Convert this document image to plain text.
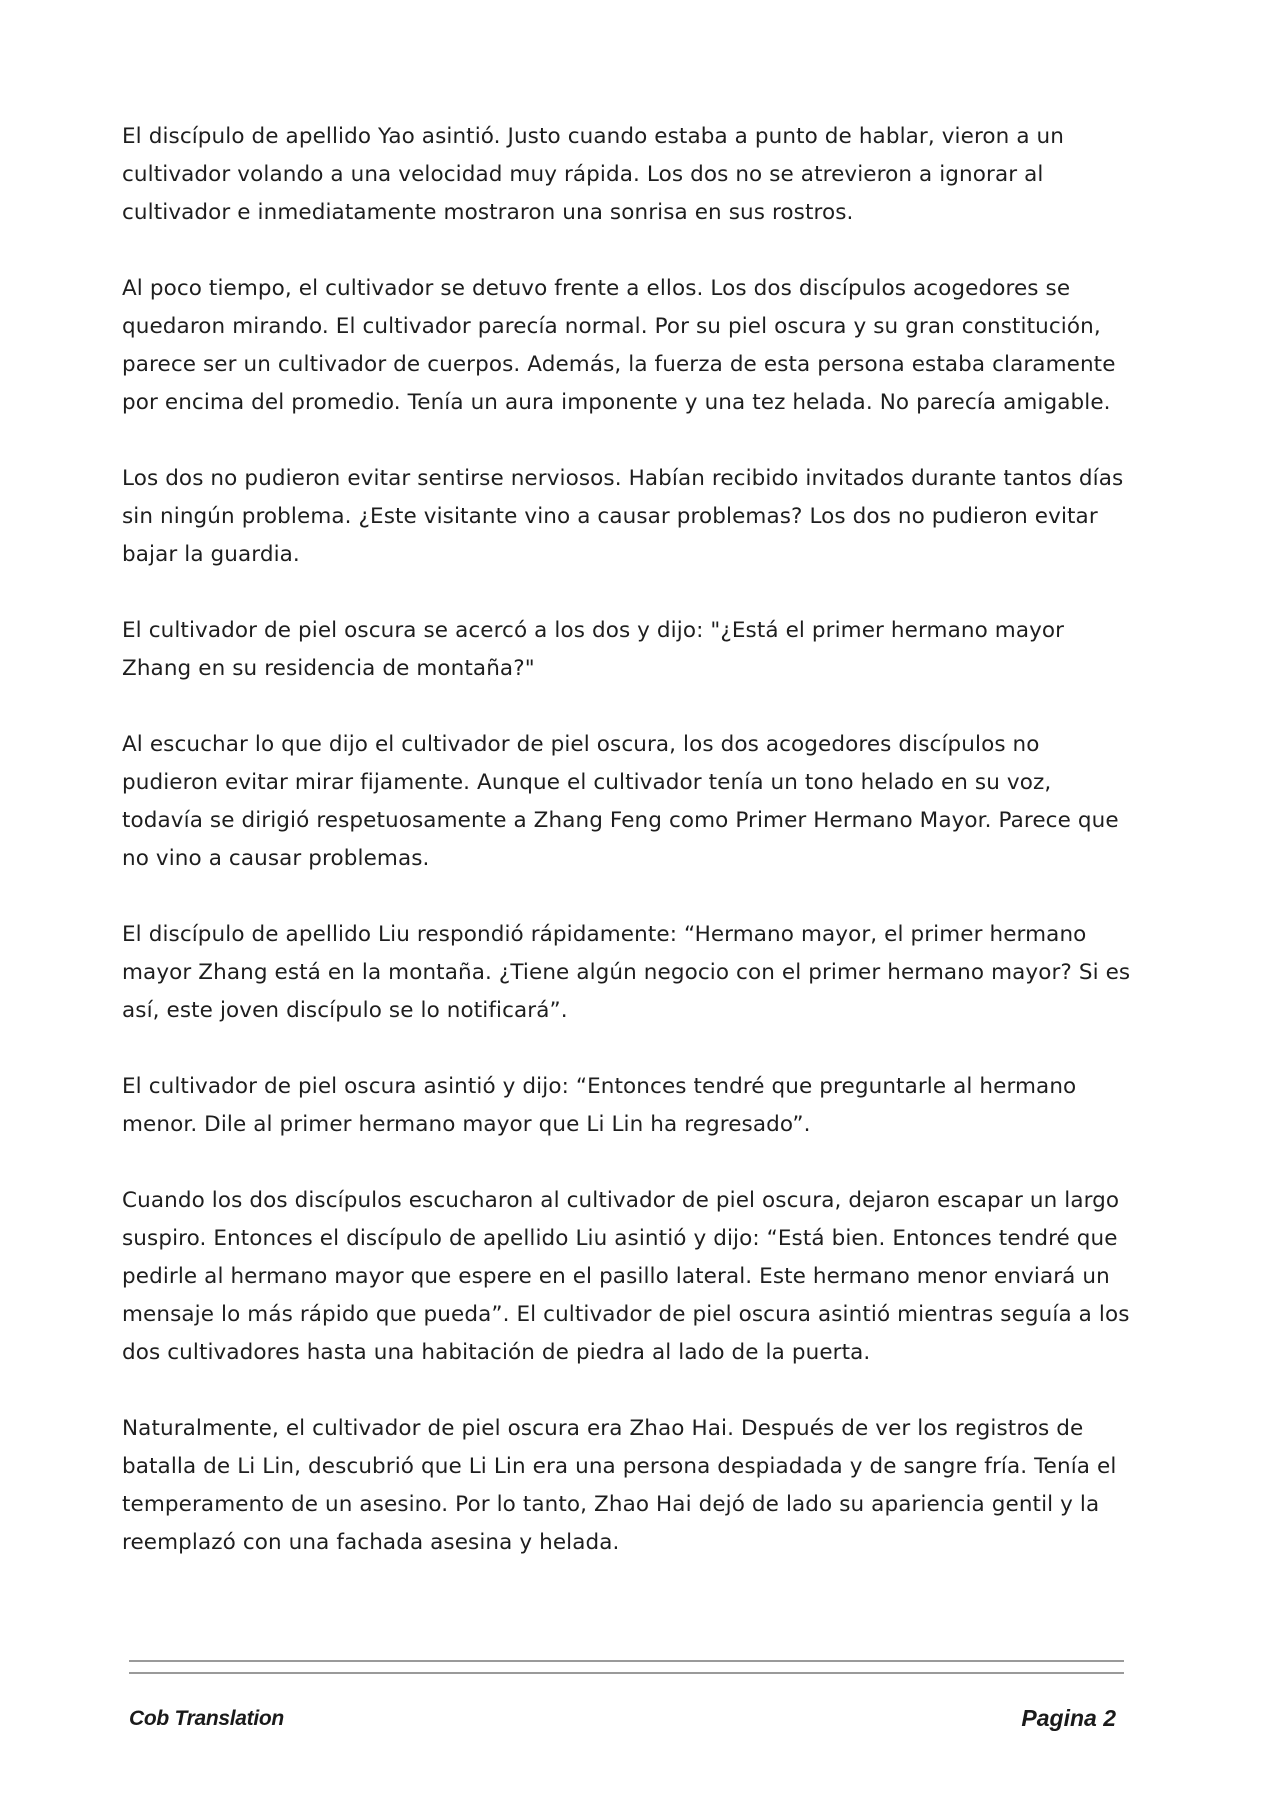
El discípulo de apellido Yao asintió. Justo cuando estaba a punto de hablar, vieron a un cultivador volando a una velocidad muy rápida. Los dos no se atrevieron a ignorar al cultivador e inmediatamente mostraron una sonrisa en sus rostros.

Al poco tiempo, el cultivador se detuvo frente a ellos. Los dos discípulos acogedores se quedaron mirando. El cultivador parecía normal. Por su piel oscura y su gran constitución, parece ser un cultivador de cuerpos. Además, la fuerza de esta persona estaba claramente por encima del promedio. Tenía un aura imponente y una tez helada. No parecía amigable.

Los dos no pudieron evitar sentirse nerviosos. Habían recibido invitados durante tantos días sin ningún problema. ¿Este visitante vino a causar problemas? Los dos no pudieron evitar bajar la guardia.

El cultivador de piel oscura se acercó a los dos y dijo: "¿Está el primer hermano mayor Zhang en su residencia de montaña?"

Al escuchar lo que dijo el cultivador de piel oscura, los dos acogedores discípulos no pudieron evitar mirar fijamente. Aunque el cultivador tenía un tono helado en su voz, todavía se dirigió respetuosamente a Zhang Feng como Primer Hermano Mayor. Parece que no vino a causar problemas.

El discípulo de apellido Liu respondió rápidamente: “Hermano mayor, el primer hermano mayor Zhang está en la montaña. ¿Tiene algún negocio con el primer hermano mayor? Si es así, este joven discípulo se lo notificará”.

El cultivador de piel oscura asintió y dijo: “Entonces tendré que preguntarle al hermano menor. Dile al primer hermano mayor que Li Lin ha regresado”.

Cuando los dos discípulos escucharon al cultivador de piel oscura, dejaron escapar un largo suspiro. Entonces el discípulo de apellido Liu asintió y dijo: “Está bien. Entonces tendré que pedirle al hermano mayor que espere en el pasillo lateral. Este hermano menor enviará un mensaje lo más rápido que pueda”. El cultivador de piel oscura asintió mientras seguía a los dos cultivadores hasta una habitación de piedra al lado de la puerta.

Naturalmente, el cultivador de piel oscura era Zhao Hai. Después de ver los registros de batalla de Li Lin, descubrió que Li Lin era una persona despiadada y de sangre fría. Tenía el temperamento de un asesino. Por lo tanto, Zhao Hai dejó de lado su apariencia gentil y la reemplazó con una fachada asesina y helada.

Cob Translation	Pagina 2
